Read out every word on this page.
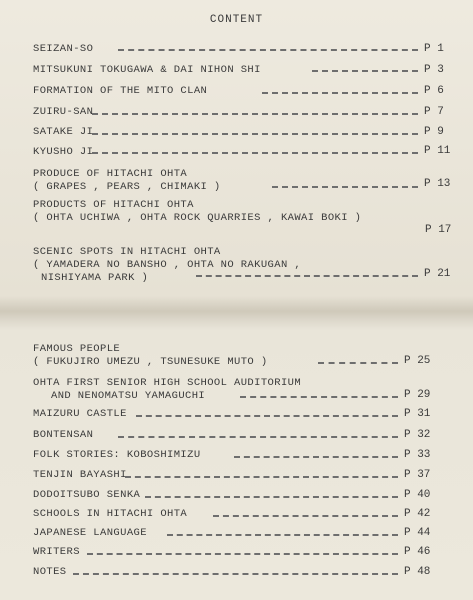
CONTENT
SEIZAN-SO	P 1
MITSUKUNI TOKUGAWA & DAI NIHON SHI	P 3
FORMATION OF THE MITO CLAN	P 6
ZUIRU-SAN	P 7
SATAKE JI	P 9
KYUSHO JI	P 11
PRODUCE OF HITACHI OHTA
( GRAPES , PEARS , CHIMAKI )	P 13
PRODUCTS OF HITACHI OHTA
( OHTA UCHIWA , OHTA ROCK QUARRIES , KAWAI BOKI )
P 17
SCENIC SPOTS IN HITACHI OHTA
( YAMADERA NO BANSHO , OHTA NO RAKUGAN ,
NISHIYAMA PARK )	P 21
FAMOUS PEOPLE
( FUKUJIRO UMEZU , TSUNESUKE MUTO )	P 25
OHTA FIRST SENIOR HIGH SCHOOL AUDITORIUM
AND NENOMATSU YAMAGUCHI	P 29
MAIZURU CASTLE	P 31
BONTENSAN	P 32
FOLK STORIES: KOBOSHIMIZU	P 33
TENJIN BAYASHI	P 37
DODOITSUBO SENKA	P 40
SCHOOLS IN HITACHI OHTA	P 42
JAPANESE LANGUAGE	P 44
WRITERS	P 46
NOTES	P 48
